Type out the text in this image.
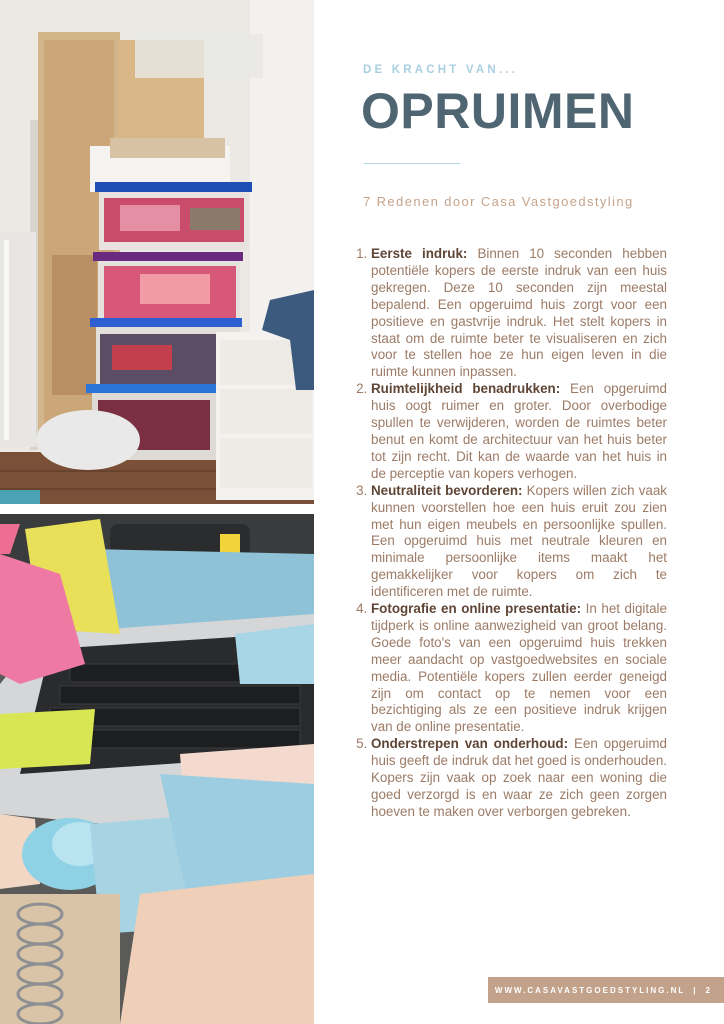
DE KRACHT VAN...
OPRUIMEN
7 Redenen door Casa Vastgoedstyling
1. Eerste indruk: Binnen 10 seconden hebben potentiële kopers de eerste indruk van een huis gekregen. Deze 10 seconden zijn meestal bepalend. Een opgeruimd huis zorgt voor een positieve en gastvrije indruk. Het stelt kopers in staat om de ruimte beter te visualiseren en zich voor te stellen hoe ze hun eigen leven in die ruimte kunnen inpassen.
2. Ruimtelijkheid benadrukken: Een opgeruimd huis oogt ruimer en groter. Door overbodige spullen te verwijderen, worden de ruimtes beter benut en komt de architectuur van het huis beter tot zijn recht. Dit kan de waarde van het huis in de perceptie van kopers verhogen.
3. Neutraliteit bevorderen: Kopers willen zich vaak kunnen voorstellen hoe een huis eruit zou zien met hun eigen meubels en persoonlijke spullen. Een opgeruimd huis met neutrale kleuren en minimale persoonlijke items maakt het gemakkelijker voor kopers om zich te identificeren met de ruimte.
4. Fotografie en online presentatie: In het digitale tijdperk is online aanwezigheid van groot belang. Goede foto's van een opgeruimd huis trekken meer aandacht op vastgoedwebsites en sociale media. Potentiële kopers zullen eerder geneigd zijn om contact op te nemen voor een bezichtiging als ze een positieve indruk krijgen van de online presentatie.
5. Onderstrepen van onderhoud: Een opgeruimd huis geeft de indruk dat het goed is onderhouden. Kopers zijn vaak op zoek naar een woning die goed verzorgd is en waar ze zich geen zorgen hoeven te maken over verborgen gebreken.
WWW.CASAVASTGOEDSTYLING.NL | 2
